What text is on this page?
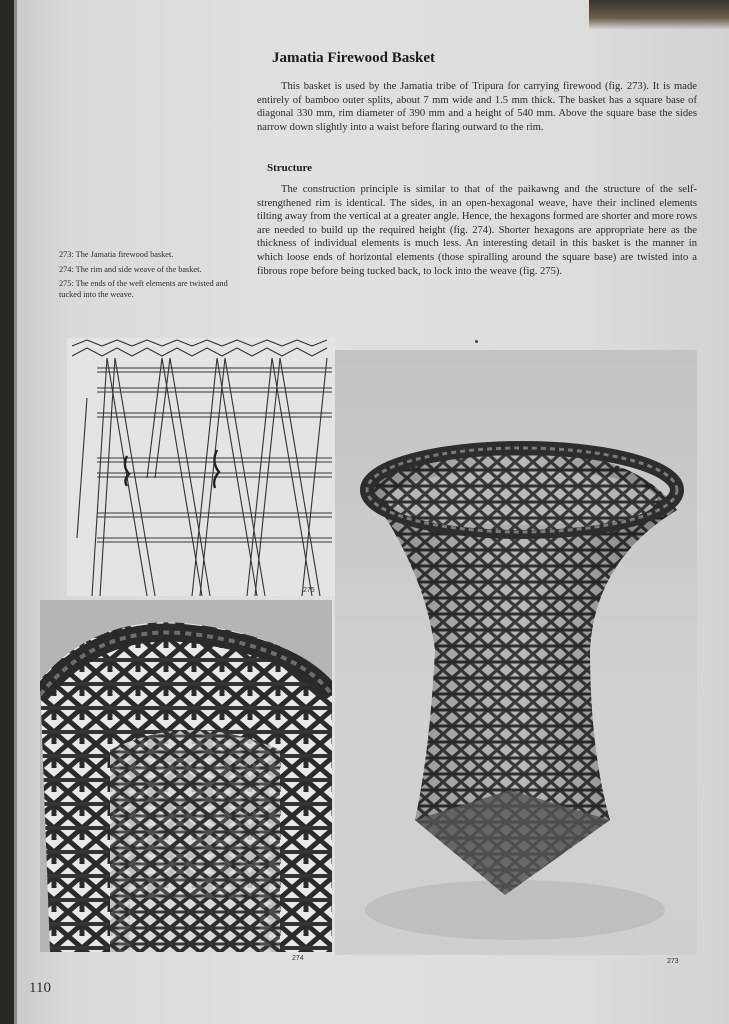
Jamatia Firewood Basket

This basket is used by the Jamatia tribe of Tripura for carrying firewood (fig. 273). It is made entirely of bamboo outer splits, about 7 mm wide and 1.5 mm thick. The basket has a square base of diagonal 330 mm, rim diameter of 390 mm and a height of 540 mm. Above the square base the sides narrow down slightly into a waist before flaring outward to the rim.

Structure

The construction principle is similar to that of the paikawng and the structure of the self-strengthened rim is identical. The sides, in an open-hexagonal weave, have their inclined elements tilting away from the vertical at a greater angle. Hence, the hexagons formed are shorter and more rows are needed to build up the required height (fig. 274). Shorter hexagons are appropriate here as the thickness of individual elements is much less. An interesting detail in this basket is the manner in which loose ends of horizontal elements (those spiralling around the square base) are twisted into a fibrous rope before being tucked back, to lock into the weave (fig. 275).

273: The Jamatia firewood basket.

274: The rim and side weave of the basket.

275: The ends of the weft elements are twisted and tucked into the weave.

275
274	273
110
